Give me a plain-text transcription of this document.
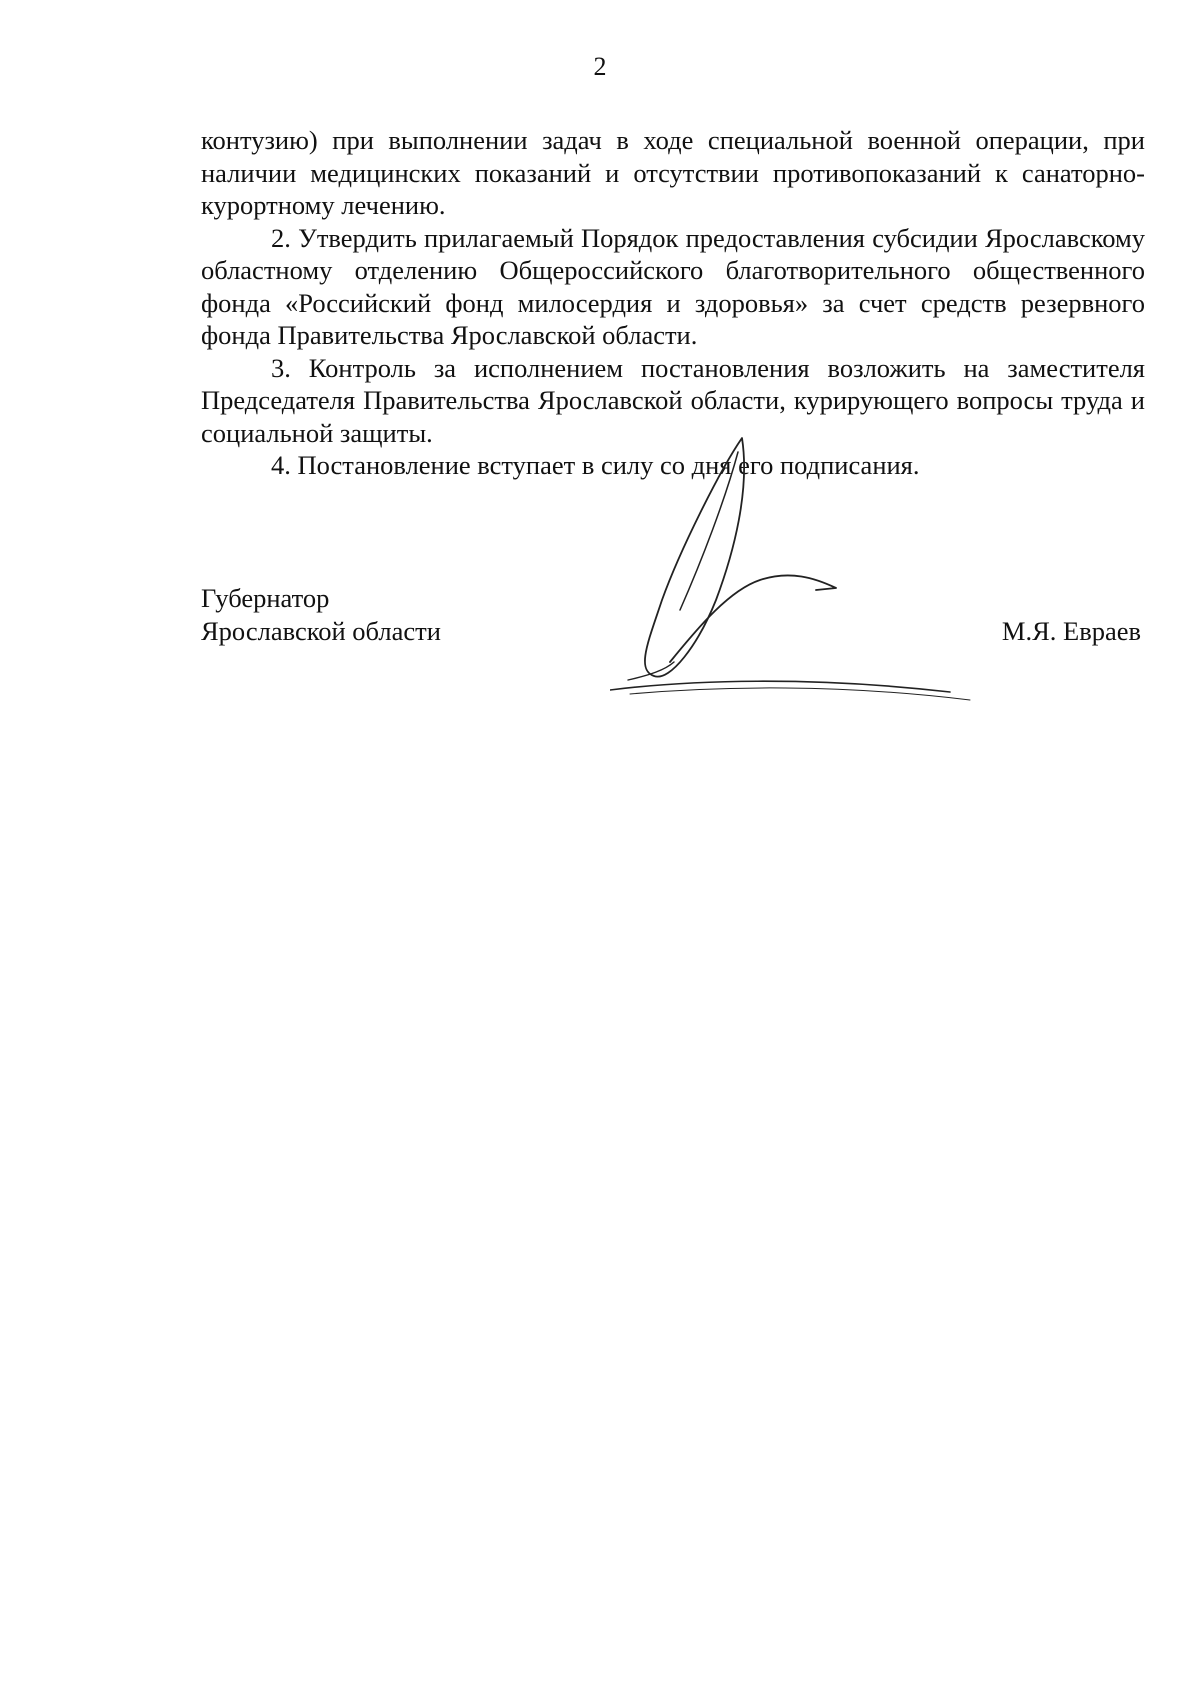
2

контузию) при выполнении задач в ходе специальной военной операции, при наличии медицинских показаний и отсутствии противопоказаний к санаторно-курортному лечению.

2. Утвердить прилагаемый Порядок предоставления субсидии Ярославскому областному отделению Общероссийского благотворительного общественного фонда «Российский фонд милосердия и здоровья» за счет средств резервного фонда Правительства Ярославской области.

3. Контроль за исполнением постановления возложить на заместителя Председателя Правительства Ярославской области, курирующего вопросы труда и социальной защиты.

4. Постановление вступает в силу со дня его подписания.

Губернатор
Ярославской области	М.Я. Евраев
